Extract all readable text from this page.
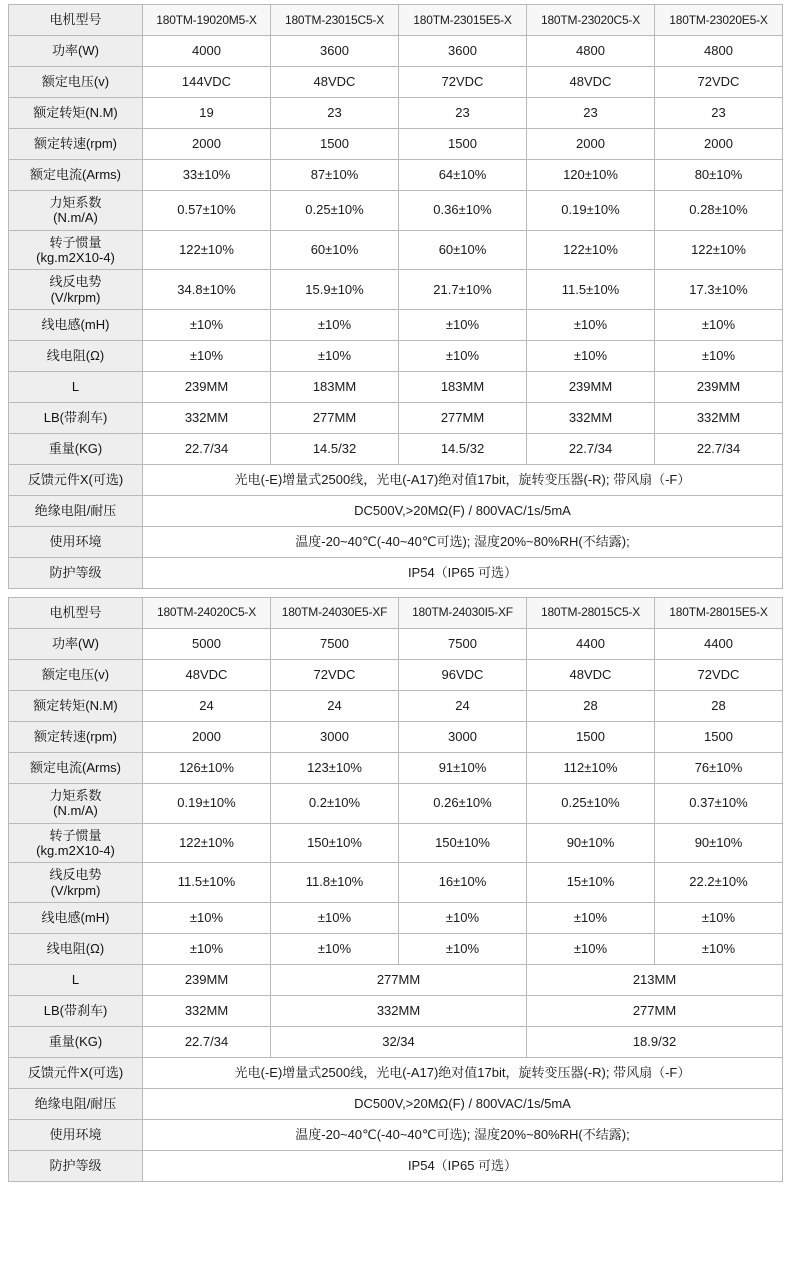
电机型号	180TM-19020M5-X	180TM-23015C5-X	180TM-23015E5-X	180TM-23020C5-X	180TM-23020E5-X
功率(W)	4000	3600	3600	4800	4800
额定电压(v)	144VDC	48VDC	72VDC	48VDC	72VDC
额定转矩(N.M)	19	23	23	23	23
额定转速(rpm)	2000	1500	1500	2000	2000
额定电流(Arms)	33±10%	87±10%	64±10%	120±10%	80±10%

力矩系数
(N.m/A)	0.57±10%	0.25±10%	0.36±10%	0.19±10%	0.28±10%

转子惯量
(kg.m2X10-4)	122±10%	60±10%	60±10%	122±10%	122±10%

线反电势
(V/krpm)	34.8±10%	15.9±10%	21.7±10%	11.5±10%	17.3±10%
线电感(mH)	±10%	±10%	±10%	±10%	±10%
线电阻(Ω)	±10%	±10%	±10%	±10%	±10%
L	239MM	183MM	183MM	239MM	239MM
LB(带刹车)	332MM	277MM	277MM	332MM	332MM
重量(KG)	22.7/34	14.5/32	14.5/32	22.7/34	22.7/34
反馈元件X(可选)	光电(-E)增量式2500线，光电(-A17)绝对值17bit，旋转变压器(-R); 带风扇（-F）				
绝缘电阻/耐压	DC500V,>20MΩ(F) / 800VAC/1s/5mA				
使用环境	温度-20~40℃(-40~40℃可选); 湿度20%~80%RH(不结露);				
防护等级	IP54（IP65 可选）				
电机型号	180TM-24020C5-X	180TM-24030E5-XF	180TM-24030I5-XF	180TM-28015C5-X	180TM-28015E5-X
功率(W)	5000	7500	7500	4400	4400
额定电压(v)	48VDC	72VDC	96VDC	48VDC	72VDC
额定转矩(N.M)	24	24	24	28	28
额定转速(rpm)	2000	3000	3000	1500	1500
额定电流(Arms)	126±10%	123±10%	91±10%	112±10%	76±10%

力矩系数
(N.m/A)	0.19±10%	0.2±10%	0.26±10%	0.25±10%	0.37±10%

转子惯量
(kg.m2X10-4)	122±10%	150±10%	150±10%	90±10%	90±10%

线反电势
(V/krpm)	11.5±10%	11.8±10%	16±10%	15±10%	22.2±10%
线电感(mH)	±10%	±10%	±10%	±10%	±10%
线电阻(Ω)	±10%	±10%	±10%	±10%	±10%
L	239MM	277MM		213MM	
LB(带刹车)	332MM	332MM		277MM	
重量(KG)	22.7/34	32/34		18.9/32	
反馈元件X(可选)	光电(-E)增量式2500线，光电(-A17)绝对值17bit，旋转变压器(-R); 带风扇（-F）				
绝缘电阻/耐压	DC500V,>20MΩ(F) / 800VAC/1s/5mA				
使用环境	温度-20~40℃(-40~40℃可选); 湿度20%~80%RH(不结露);				
防护等级	IP54（IP65 可选）				
